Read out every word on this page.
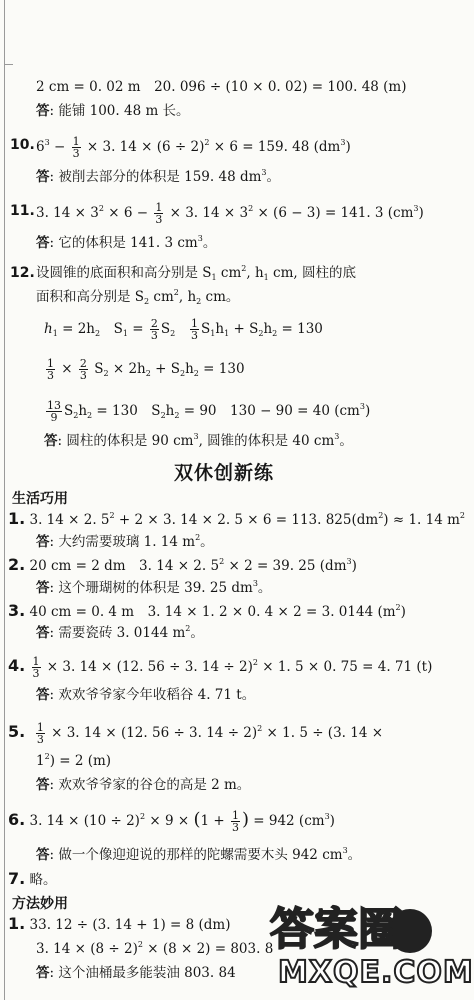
2 cm = 0. 02 m　20. 096 ÷ (10 × 0. 02) = 100. 48 (m)
答: 能铺 100. 48 m 长。
10. $6^3 - \frac{1}{3} \times 3$. $14 \times (6 \div 2)^2 \times 6 = 159$. 48 $(dm^3)$
答: 被削去部分的体积是 159. 48 $dm^3$。
11. 3. $14 \times 3^2 \times 6 - \frac{1}{3} \times 3$. $14 \times 3^2 \times (6 - 3) = 141$. 3 $(cm^3)$
答: 它的体积是 141. 3 $cm^3$。
12. 设圆锥的底面积和高分别是 $S_1$ $cm^2$, $h_1$ cm, 圆柱的底
面积和高分别是 $S_2$ $cm^2$, $h_2$ cm。
$h_1 = 2h_2$　$S_1 = \frac{2}{3} S_2 \frac{1}{3} S_1h_1 + S_2h_2 = 130$
$\frac{1}{3} \times \frac{2}{3} S_2 \times 2h_2 + S_2h_2 = 130$
$\frac{13}{9} S_2h_2 = 130$　$S_2h_2 = 90$　130 − 90 = 40 $(cm^3)$
答: 圆柱的体积是 90 $cm^3$, 圆锥的体积是 40 $cm^3$。
双休创新练
生活巧用
1. 3. 14 × 2. $5^2 + 2 \times 3$. 14 × 2. 5 × 6 = 113. $825(dm^2) \approx 1$. 14 $m^2$
答: 大约需要玻璃 1. 14 $m^2$。
2. 20 cm = 2 dm　3. 14 × 2. $5^2 \times 2 = 39$. 25 $(dm^3)$
答: 这个珊瑚树的体积是 39. 25 $dm^3$。
3. 40 cm = 0. 4 m　3. 14 × 1. 2 × 0. 4 × 2 = 3. 0144 $(m^2)$
答: 需要瓷砖 3. 0144 $m^2$。
4. $\frac{1}{3} \times 3$. 14 × (12. 56 ÷ 3. 14 ÷ 2)$^2$ × 1. 5 × 0. 75 = 4. 71 (t)
答: 欢欢爷爷家今年收稻谷 4. 71 t。
5. $\frac{1}{3} \times 3$. 14 × (12. 56 ÷ 3. 14 ÷ 2)$^2$ × 1. 5 ÷ (3. 14 ×
$1^2) = 2$ (m)
答: 欢欢爷爷家的谷仓的高是 2 m。
6. 3. $14 \times (10 \div 2)^2 \times 9 \times (1 + \frac{1}{3}$ ) = 942 $(cm^3)$
答: 做一个像迎迎说的那样的陀螺需要木头 942 $cm^3$。
7. 略。
方法妙用
1. 33. 12 ÷ (3. 14 + 1) = 8 (dm)
3. $14 \times (8 \div 2)^2 \times (8 \times 2) = 803$. 8
答: 这个油桶最多能装油 803. 84
答案圈
MXQE.COM
